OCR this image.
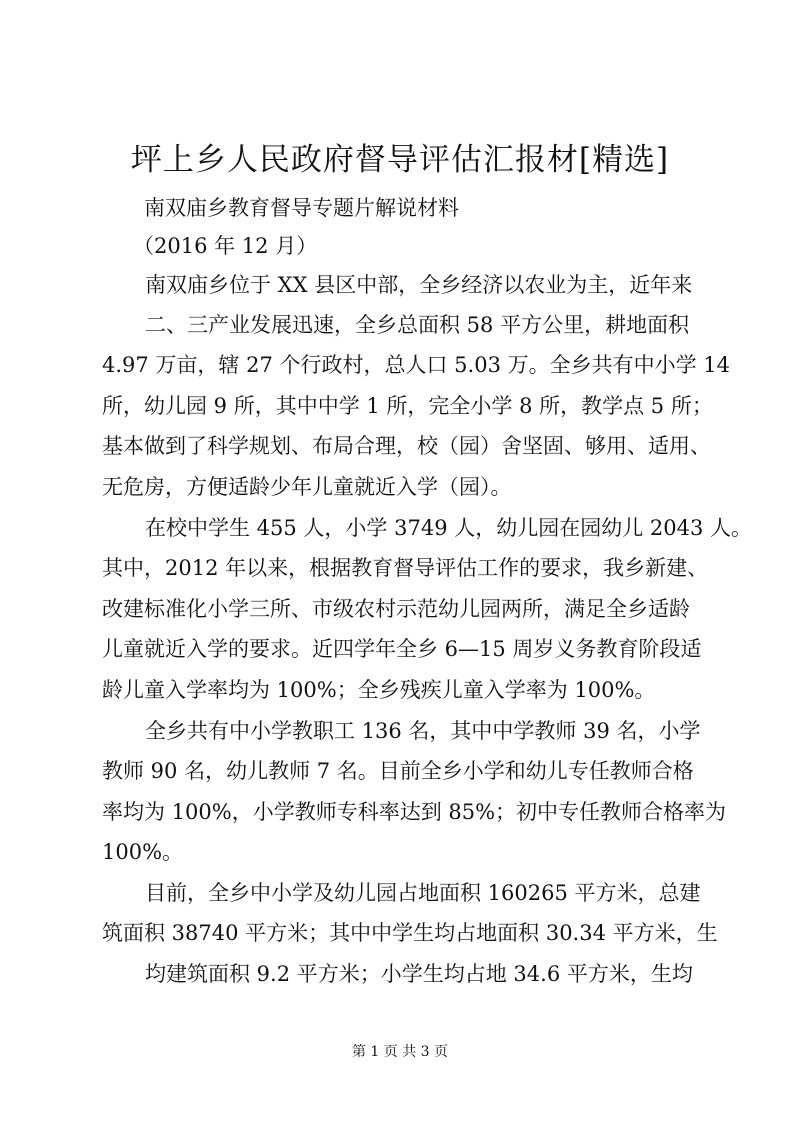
坪上乡人民政府督导评估汇报材[精选]
南双庙乡教育督导专题片解说材料
（2016 年 12 月）
南双庙乡位于 XX 县区中部，全乡经济以农业为主，近年来
二、三产业发展迅速，全乡总面积 58 平方公里，耕地面积
4.97 万亩，辖 27 个行政村，总人口 5.03 万。全乡共有中小学 14
所，幼儿园 9 所，其中中学 1 所，完全小学 8 所，教学点 5 所；
基本做到了科学规划、布局合理，校（园）舍坚固、够用、适用、
无危房，方便适龄少年儿童就近入学（园）。
在校中学生 455 人，小学 3749 人，幼儿园在园幼儿 2043 人。
其中，2012 年以来，根据教育督导评估工作的要求，我乡新建、
改建标准化小学三所、市级农村示范幼儿园两所，满足全乡适龄
儿童就近入学的要求。近四学年全乡 6—15 周岁义务教育阶段适
龄儿童入学率均为 100%；全乡残疾儿童入学率为 100%。
全乡共有中小学教职工 136 名，其中中学教师 39 名，小学
教师 90 名，幼儿教师 7 名。目前全乡小学和幼儿专任教师合格
率均为 100%，小学教师专科率达到 85%；初中专任教师合格率为
100%。
目前，全乡中小学及幼儿园占地面积 160265 平方米，总建
筑面积 38740 平方米；其中中学生均占地面积 30.34 平方米，生
均建筑面积 9.2 平方米；小学生均占地 34.6 平方米，生均
第 1 页 共 3 页
